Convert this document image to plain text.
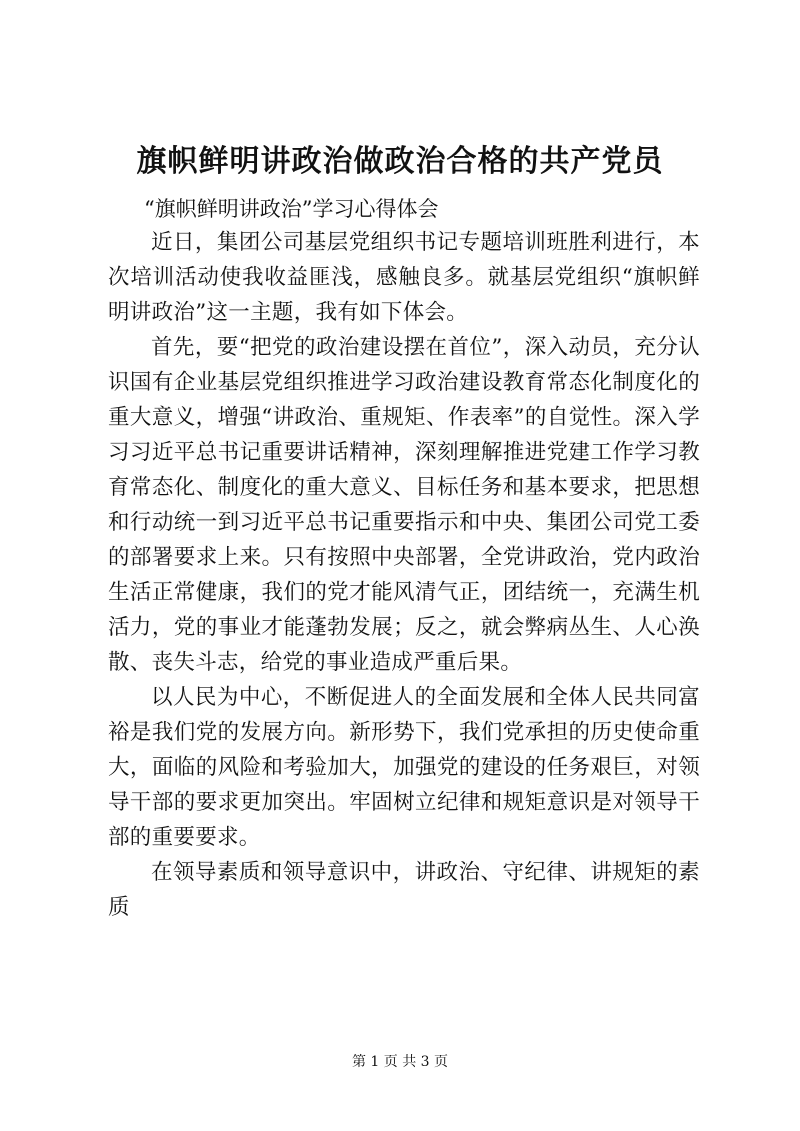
旗帜鲜明讲政治做政治合格的共产党员

“旗帜鲜明讲政治”学习心得体会

近日，集团公司基层党组织书记专题培训班胜利进行，本次培训活动使我收益匪浅，感触良多。就基层党组织“旗帜鲜明讲政治”这一主题，我有如下体会。

首先，要“把党的政治建设摆在首位”，深入动员，充分认识国有企业基层党组织推进学习政治建设教育常态化制度化的重大意义，增强“讲政治、重规矩、作表率”的自觉性。深入学习习近平总书记重要讲话精神，深刻理解推进党建工作学习教育常态化、制度化的重大意义、目标任务和基本要求，把思想和行动统一到习近平总书记重要指示和中央、集团公司党工委的部署要求上来。只有按照中央部署，全党讲政治，党内政治生活正常健康，我们的党才能风清气正，团结统一，充满生机活力，党的事业才能蓬勃发展；反之，就会弊病丛生、人心涣散、丧失斗志，给党的事业造成严重后果。

以人民为中心，不断促进人的全面发展和全体人民共同富裕是我们党的发展方向。新形势下，我们党承担的历史使命重大，面临的风险和考验加大，加强党的建设的任务艰巨，对领导干部的要求更加突出。牢固树立纪律和规矩意识是对领导干部的重要要求。

在领导素质和领导意识中，讲政治、守纪律、讲规矩的素质

第 1 页 共 3 页
